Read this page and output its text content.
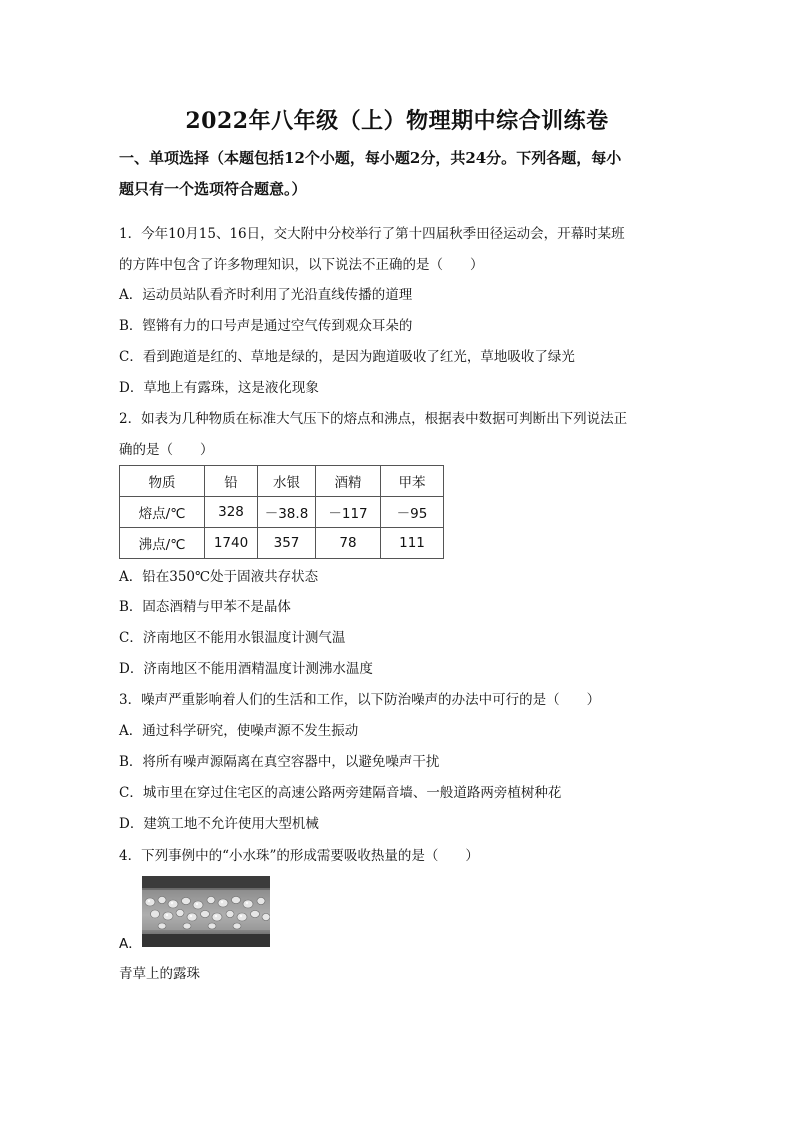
2022年八年级（上）物理期中综合训练卷
一、单项选择（本题包括12个小题，每小题2分，共24分。下列各题，每小
题只有一个选项符合题意。）
1．今年10月15、16日，交大附中分校举行了第十四届秋季田径运动会，开幕时某班
的方阵中包含了许多物理知识，以下说法不正确的是（　　）
A．运动员站队看齐时利用了光沿直线传播的道理
B．铿锵有力的口号声是通过空气传到观众耳朵的
C．看到跑道是红的、草地是绿的，是因为跑道吸收了红光，草地吸收了绿光
D．草地上有露珠，这是液化现象
2．如表为几种物质在标准大气压下的熔点和沸点，根据表中数据可判断出下列说法正
确的是（　　）
物质	铅	水银	酒精	甲苯
熔点/℃	328	－38.8	－117	－95
沸点/℃	1740	357	78	111
A．铅在350℃处于固液共存状态
B．固态酒精与甲苯不是晶体
C．济南地区不能用水银温度计测气温
D．济南地区不能用酒精温度计测沸水温度
3．噪声严重影响着人们的生活和工作，以下防治噪声的办法中可行的是（　　）
A．通过科学研究，使噪声源不发生振动
B．将所有噪声源隔离在真空容器中，以避免噪声干扰
C．城市里在穿过住宅区的高速公路两旁建隔音墙、一般道路两旁植树种花
D．建筑工地不允许使用大型机械
4．下列事例中的“小水珠”的形成需要吸收热量的是（　　）
A．
青草上的露珠
